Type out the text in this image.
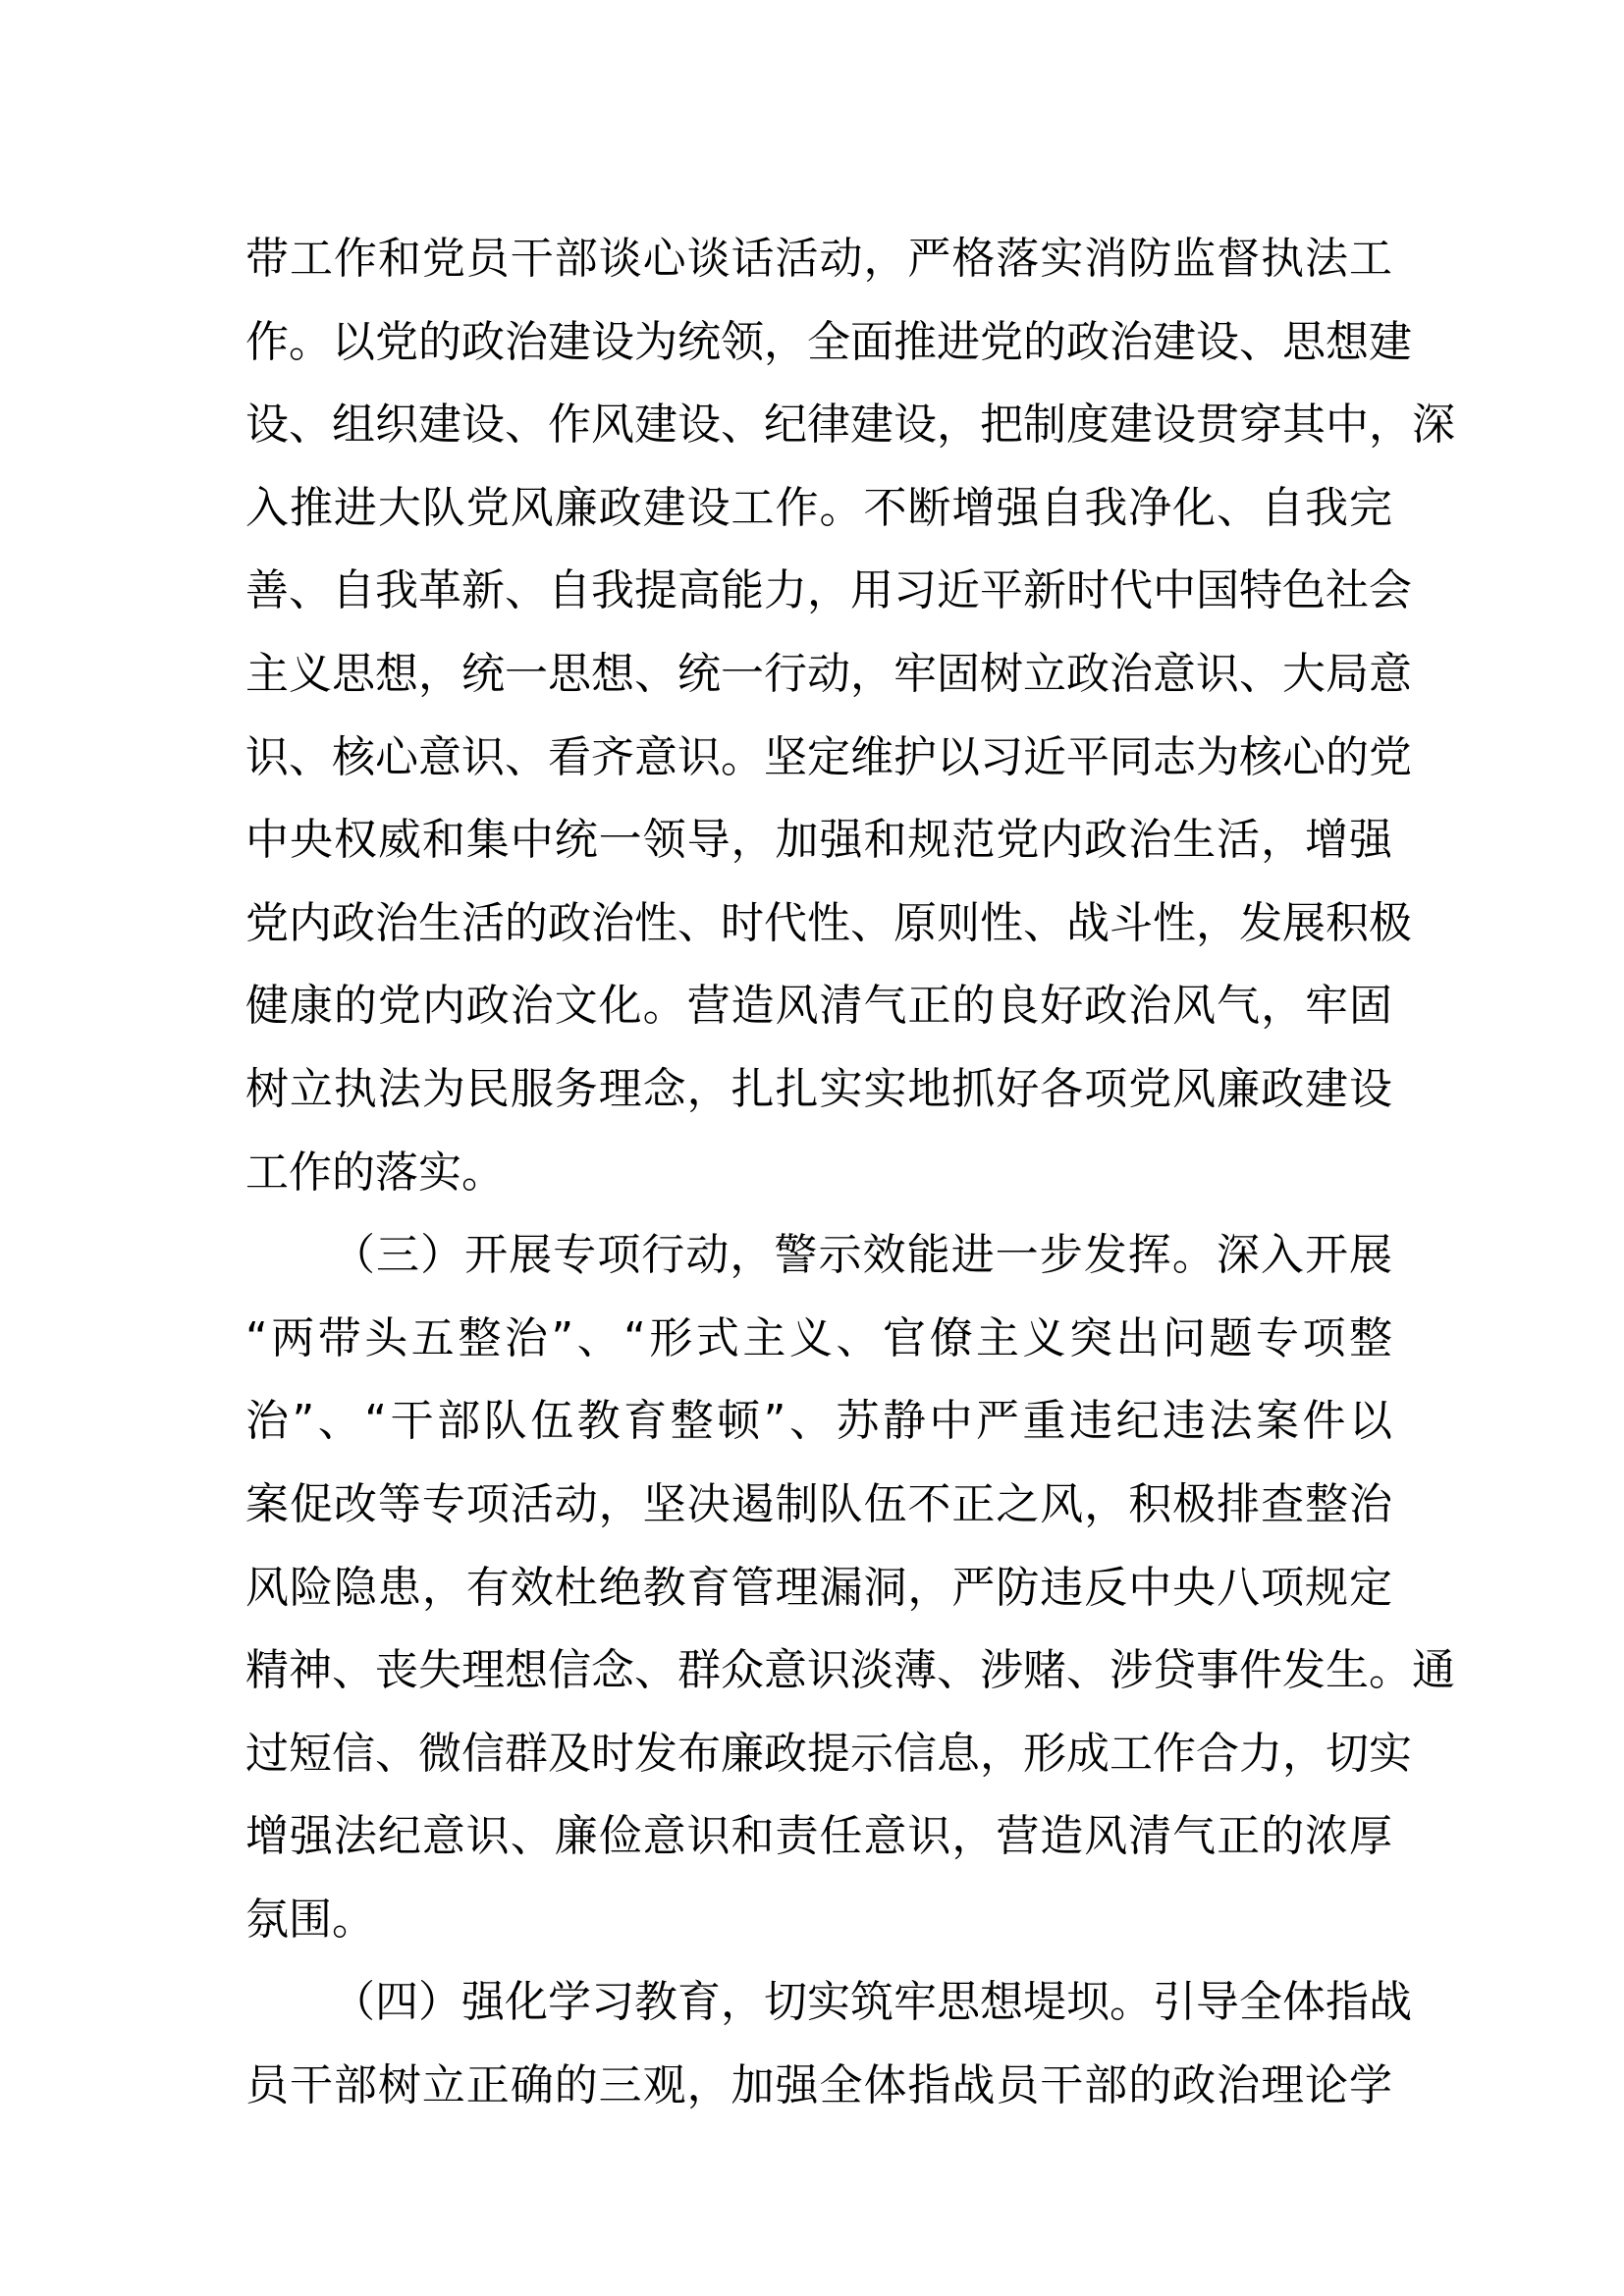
带工作和党员干部谈心谈话活动，严格落实消防监督执法工
作。以党的政治建设为统领，全面推进党的政治建设、思想建
设、组织建设、作风建设、纪律建设，把制度建设贯穿其中，深
入推进大队党风廉政建设工作。不断增强自我净化、自我完
善、自我革新、自我提高能力，用习近平新时代中国特色社会
主义思想，统一思想、统一行动，牢固树立政治意识、大局意
识、核心意识、看齐意识。坚定维护以习近平同志为核心的党
中央权威和集中统一领导，加强和规范党内政治生活，增强
党内政治生活的政治性、时代性、原则性、战斗性，发展积极
健康的党内政治文化。营造风清气正的良好政治风气，牢固
树立执法为民服务理念，扎扎实实地抓好各项党风廉政建设
工作的落实。
（三）开展专项行动，警示效能进一步发挥。深入开展
“两带头五整治”、“形式主义、官僚主义突出问题专项整
治”、“干部队伍教育整顿”、苏静中严重违纪违法案件以
案促改等专项活动，坚决遏制队伍不正之风，积极排查整治
风险隐患，有效杜绝教育管理漏洞，严防违反中央八项规定
精神、丧失理想信念、群众意识淡薄、涉赌、涉贷事件发生。通
过短信、微信群及时发布廉政提示信息，形成工作合力，切实
增强法纪意识、廉俭意识和责任意识，营造风清气正的浓厚
氛围。
（四）强化学习教育，切实筑牢思想堤坝。引导全体指战
员干部树立正确的三观，加强全体指战员干部的政治理论学
